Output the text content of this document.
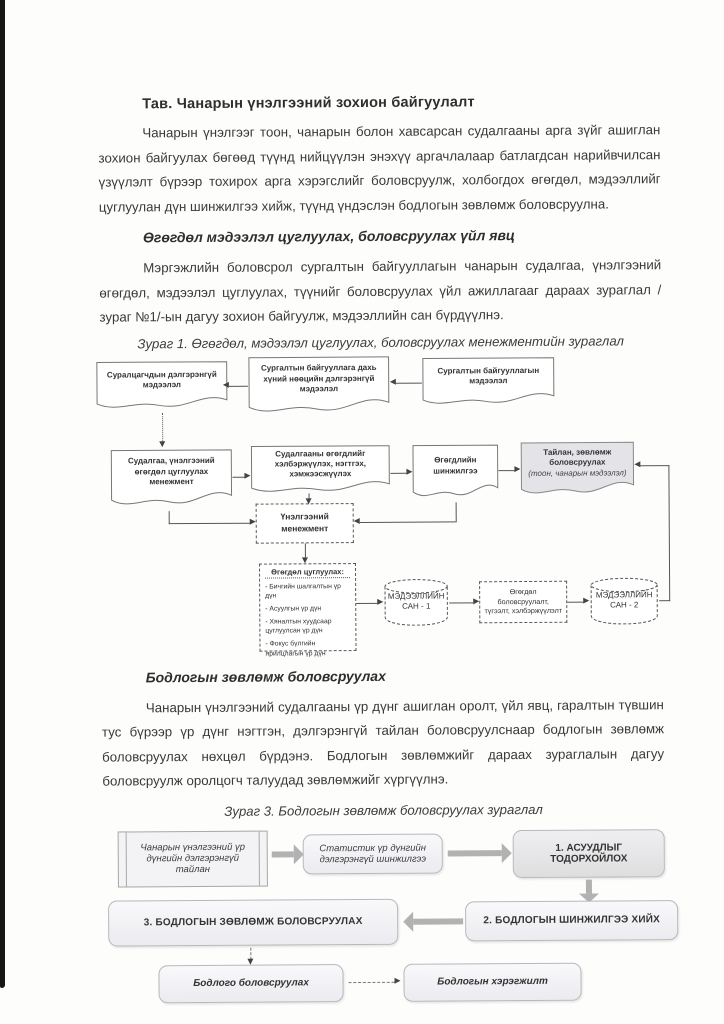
Тав. Чанарын үнэлгээний зохион байгуулалт

Чанарын үнэлгээг тоон, чанарын болон хавсарсан судалгааны арга зүйг ашиглан зохион байгуулах бөгөөд түүнд нийцүүлэн энэхүү аргачлалаар батлагдсан нарийвчилсан үзүүлэлт бүрээр тохирох арга хэрэгслийг боловсруулж, холбогдох өгөгдөл, мэдээллийг цуглуулан дүн шинжилгээ хийж, түүнд үндэслэн бодлогын зөвлөмж боловсруулна.

Өгөгдөл мэдээлэл цуглуулах, боловсруулах үйл явц

Мэргэжлийн боловсрол сургалтын байгууллагын чанарын судалгаа, үнэлгээний өгөгдөл, мэдээлэл цуглуулах, түүнийг боловсруулах үйл ажиллагааг дараах зураглал /зураг №1/-ын дагуу зохион байгуулж, мэдээллийн сан бүрдүүлнэ.

Зураг 1. Өгөгдөл, мэдээлэл цуглуулах, боловсруулах менежментийн зураглал
Суралцагчдын дэлгэрэнгүй мэдээлэл
Сургалтын байгууллага дахь хүний нөөцийн дэлгэрэнгүй мэдээлэл
Сургалтын байгууллагын мэдээлэл
Судалгаа, үнэлгээний өгөгдөл цуглуулах менежмент
Судалгааны өгөгдлийг хэлбэржүүлэх, нэгтгэх, хэмжээсжүүлэх
Өгөгдлийн шинжилгээ
Тайлан, зөвлөмж боловсруулах
(тоон, чанарын мэдээлэл)
Үнэлгээний менежмент
Өгөгдөл цуглуулах:
- Бичгийн шалгалтын үр дүн
- Асуулгын үр дүн
- Хяналтын хуудсаар цуглуулсан үр дүн
- Фокус бүлгийн ярилцлагын үр дүн
МЭДЭЭЛЛИЙН САН - 1
Өгөгдөл боловсруулалт, түгээлт, хэлбэржүүлэлт
МЭДЭЭЛЛИЙН САН - 2
Бодлогын зөвлөмж боловсруулах

Чанарын үнэлгээний судалгааны үр дүнг ашиглан оролт, үйл явц, гаралтын түвшин тус бүрээр үр дүнг нэгтгэн, дэлгэрэнгүй тайлан боловсруулснаар бодлогын зөвлөмж боловсруулах нөхцөл бүрдэнэ. Бодлогын зөвлөмжийг дараах зураглалын дагуу боловсруулж оролцогч талуудад зөвлөмжийг хүргүүлнэ.

Зураг 3. Бодлогын зөвлөмж боловсруулах зураглал
Чанарын үнэлгээний үр дүнгийн дэлгэрэнгүй тайлан
Статистик үр дүнгийн дэлгэрэнгүй шинжилгээ
1. АСУУДЛЫГ ТОДОРХОЙЛОХ
2. БОДЛОГЫН ШИНЖИЛГЭЭ ХИЙХ
3. БОДЛОГЫН ЗӨВЛӨМЖ БОЛОВСРУУЛАХ
Бодлого боловсруулах	Бодлогын хэрэгжилт
